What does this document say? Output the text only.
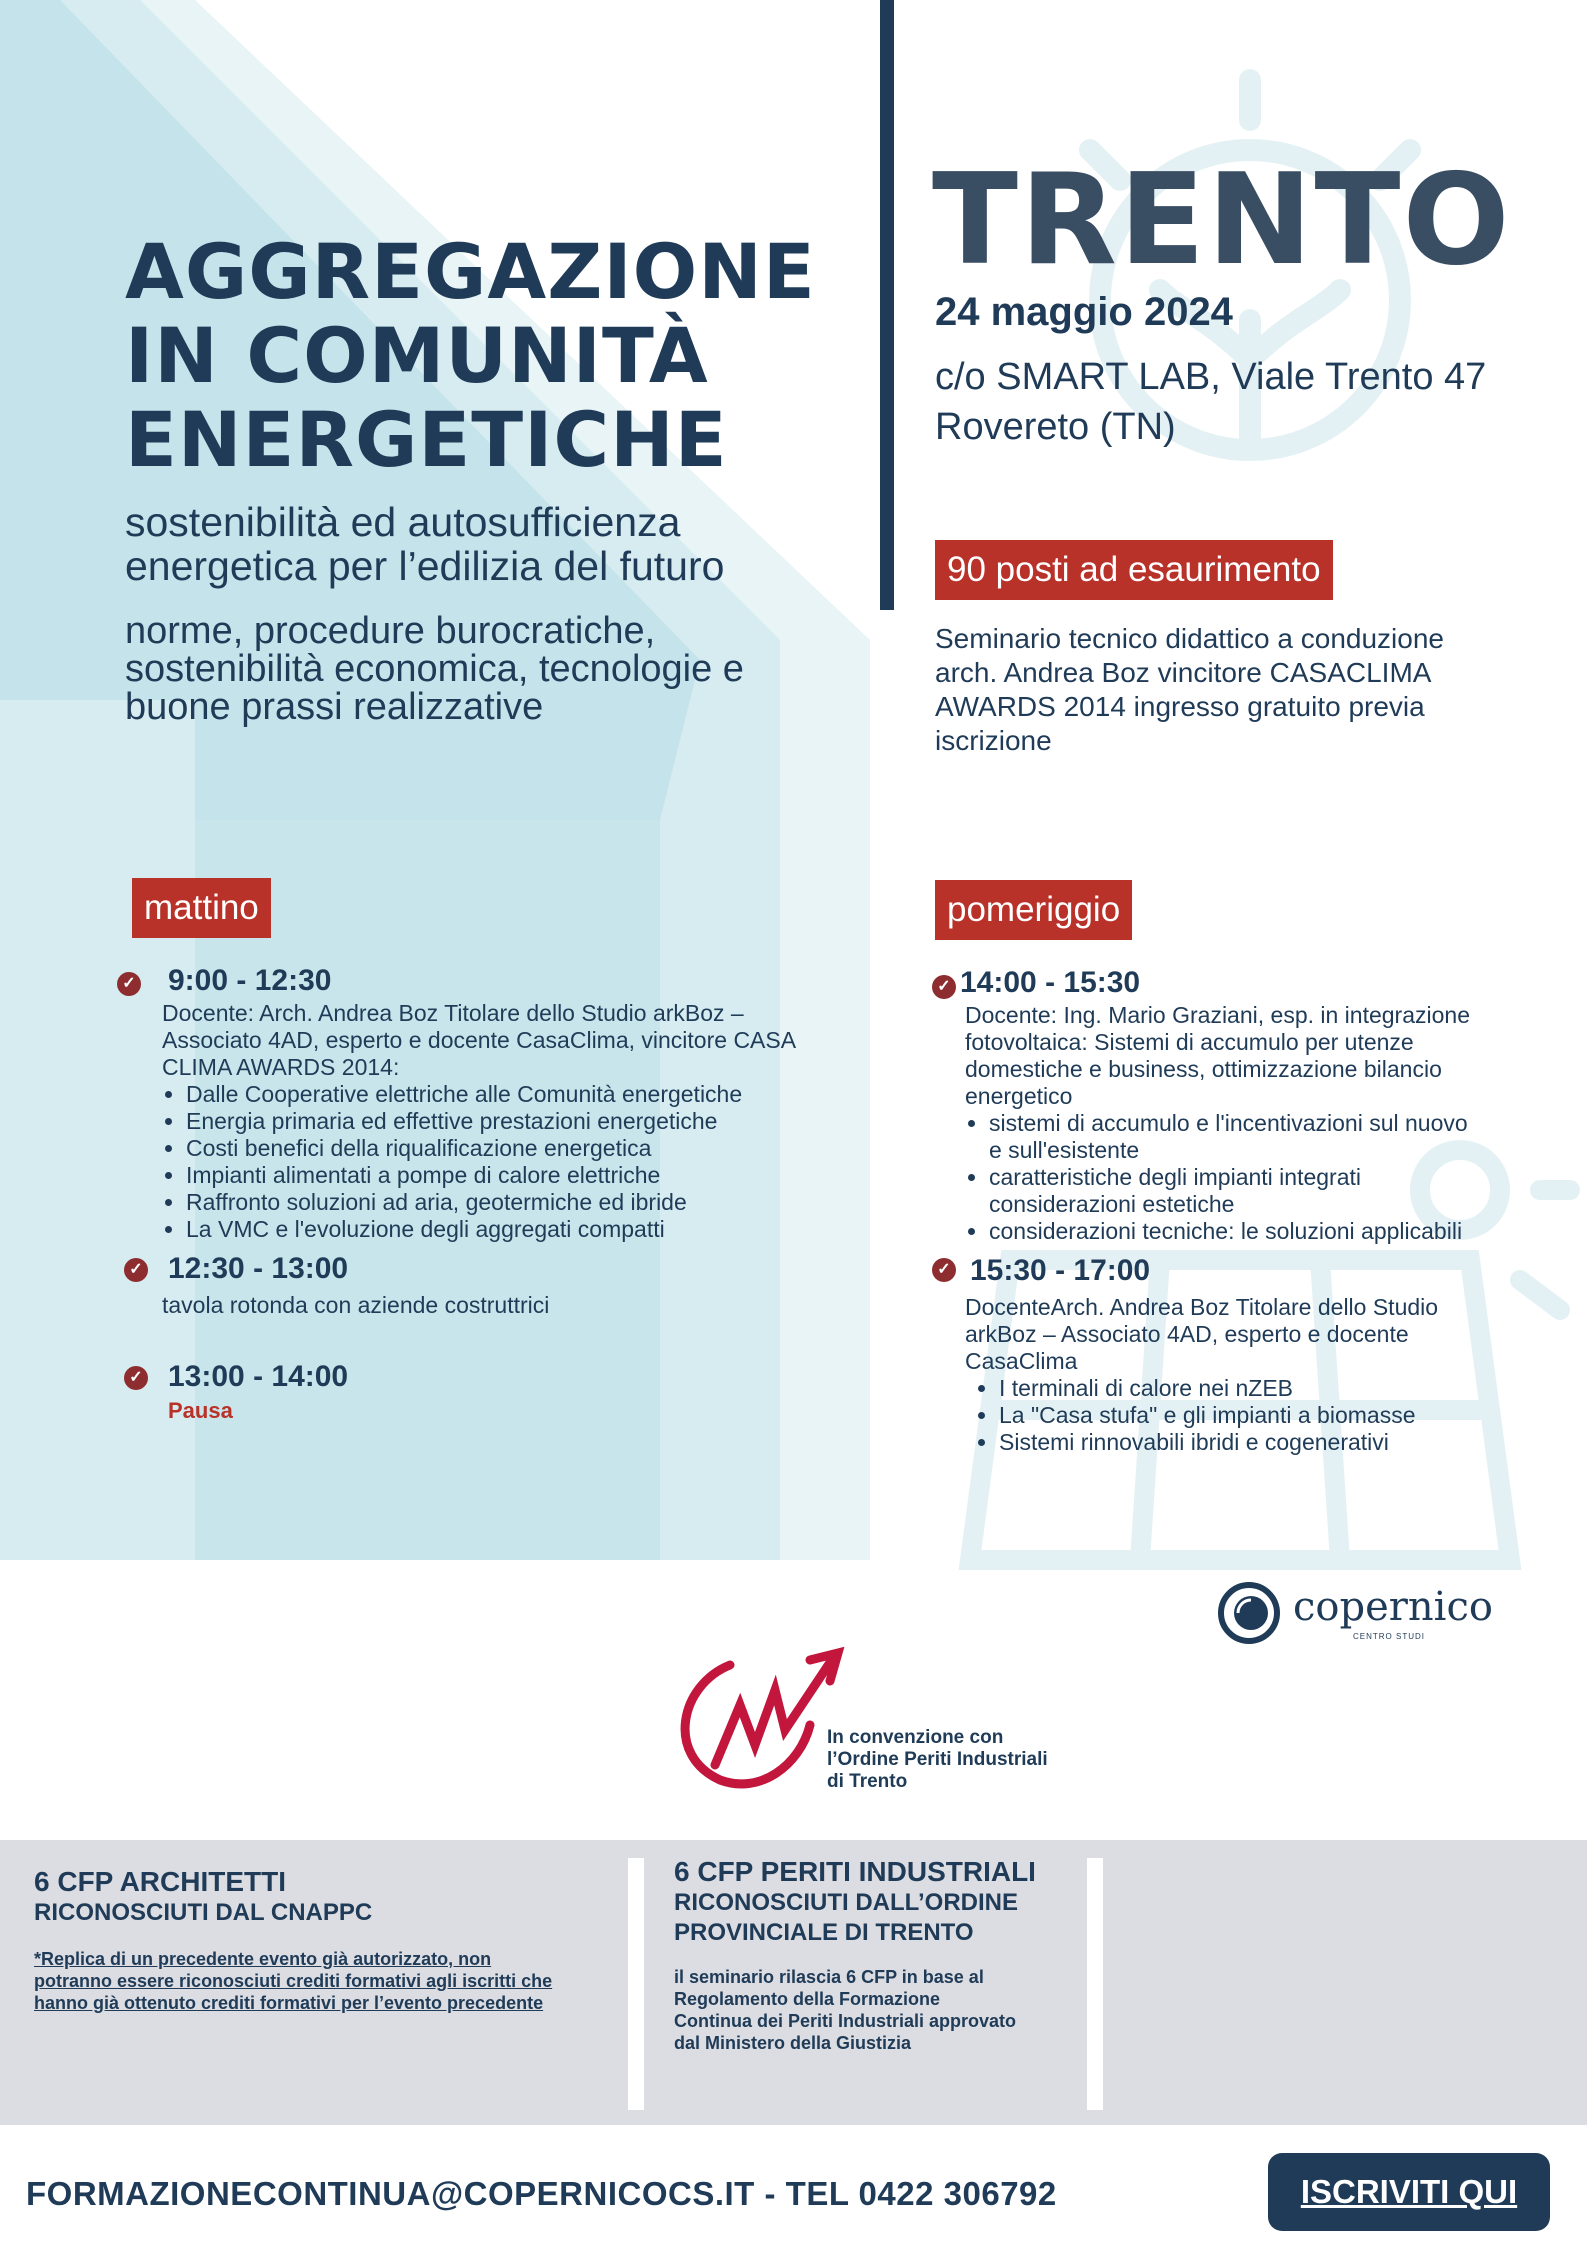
AGGREGAZIONE
IN COMUNITÀ
ENERGETICHE
sostenibilità ed autosufficienza
energetica per l’edilizia del futuro
norme, procedure burocratiche,
sostenibilità economica, tecnologie e
buone prassi realizzative
TRENTO
24 maggio 2024
c/o SMART LAB, Viale Trento 47
Rovereto (TN)
90 posti ad esaurimento
Seminario tecnico didattico a conduzione
arch. Andrea Boz vincitore CASACLIMA
AWARDS 2014 ingresso gratuito previa
iscrizione
mattino
✓ 9:00 - 12:30
Docente: Arch. Andrea Boz Titolare dello Studio arkBoz –
Associato 4AD, esperto e docente CasaClima, vincitore CASA
CLIMA AWARDS 2014:
• Dalle Cooperative elettriche alle Comunità energetiche
• Energia primaria ed effettive prestazioni energetiche
• Costi benefici della riqualificazione energetica
• Impianti alimentati a pompe di calore elettriche
• Raffronto soluzioni ad aria, geotermiche ed ibride
• La VMC e l'evoluzione degli aggregati compatti
✓ 12:30 - 13:00
tavola rotonda con aziende costruttrici
✓ 13:00 - 14:00
Pausa
pomeriggio
✓ 14:00 - 15:30
Docente: Ing. Mario Graziani, esp. in integrazione
fotovoltaica: Sistemi di accumulo per utenze
domestiche e business, ottimizzazione bilancio
energetico
• sistemi di accumulo e l'incentivazioni sul nuovo
e sull'esistente
• caratteristiche degli impianti integrati
considerazioni estetiche
• considerazioni tecniche: le soluzioni applicabili
✓ 15:30 - 17:00
DocenteArch. Andrea Boz Titolare dello Studio
arkBoz – Associato 4AD, esperto e docente
CasaClima
• I terminali di calore nei nZEB
• La "Casa stufa" e gli impianti a biomasse
• Sistemi rinnovabili ibridi e cogenerativi
copernico
CENTRO STUDI
In convenzione con
l’Ordine Periti Industriali
di Trento
6 CFP ARCHITETTI
RICONOSCIUTI DAL CNAPPC
*Replica di un precedente evento già autorizzato, non
potranno essere riconosciuti crediti formativi agli iscritti che
hanno già ottenuto crediti formativi per l’evento precedente
6 CFP PERITI INDUSTRIALI
RICONOSCIUTI DALL’ORDINE
PROVINCIALE DI TRENTO
il seminario rilascia 6 CFP in base al
Regolamento della Formazione
Continua dei Periti Industriali approvato
dal Ministero della Giustizia
FORMAZIONECONTINUA@COPERNICOCS.IT - TEL 0422 306792	ISCRIVITI QUI
